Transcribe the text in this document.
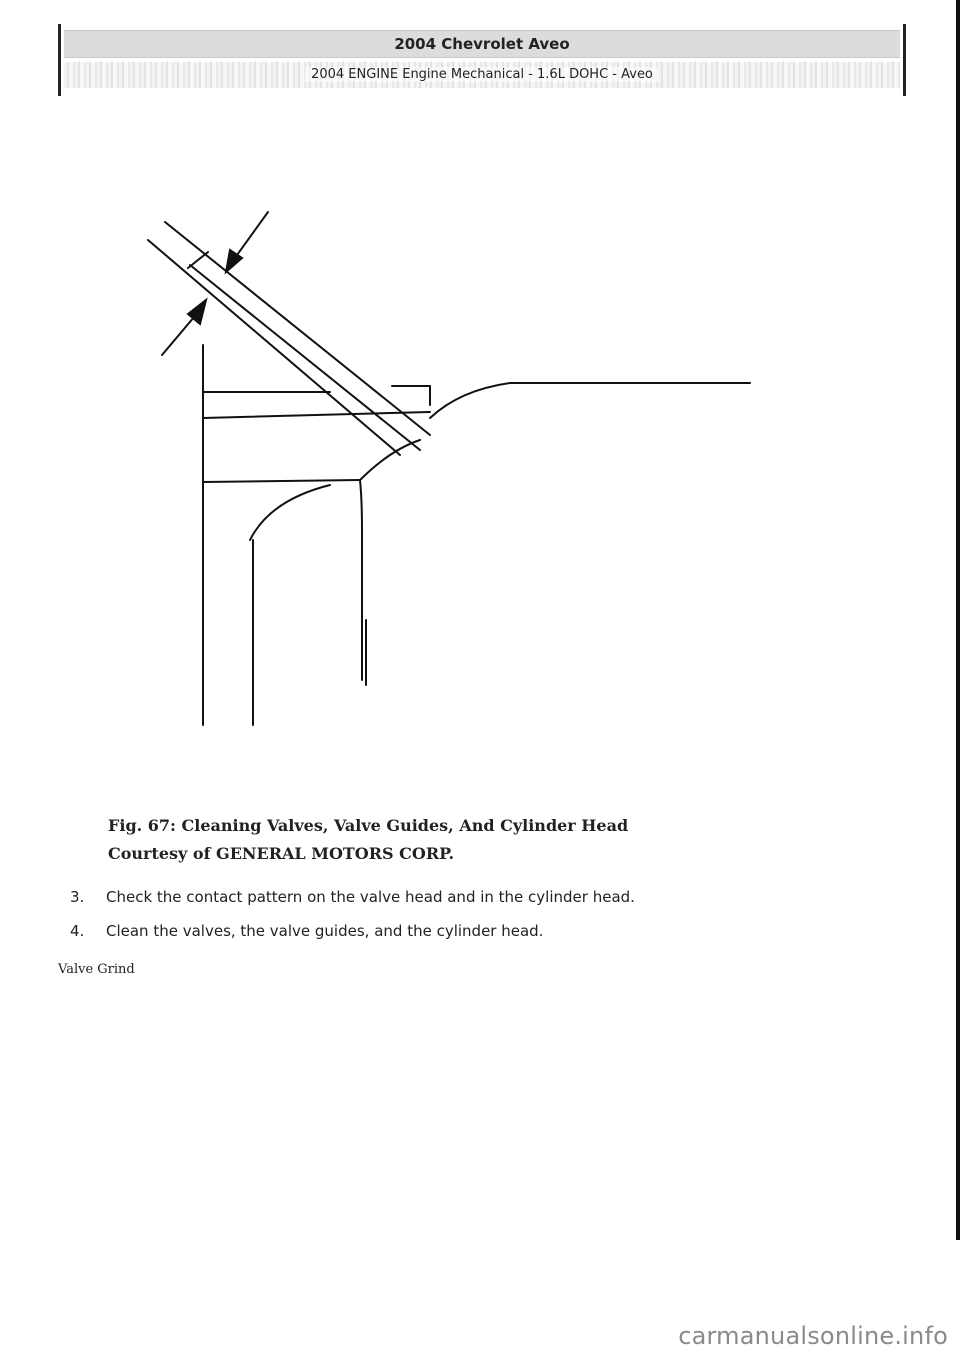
2004 Chevrolet Aveo
2004 ENGINE Engine Mechanical - 1.6L DOHC - Aveo
Fig. 67: Cleaning Valves, Valve Guides, And Cylinder Head
Courtesy of GENERAL MOTORS CORP.
3.	Check the contact pattern on the valve head and in the cylinder head.
4.	Clean the valves, the valve guides, and the cylinder head.
Valve Grind
carmanualsonline.info
